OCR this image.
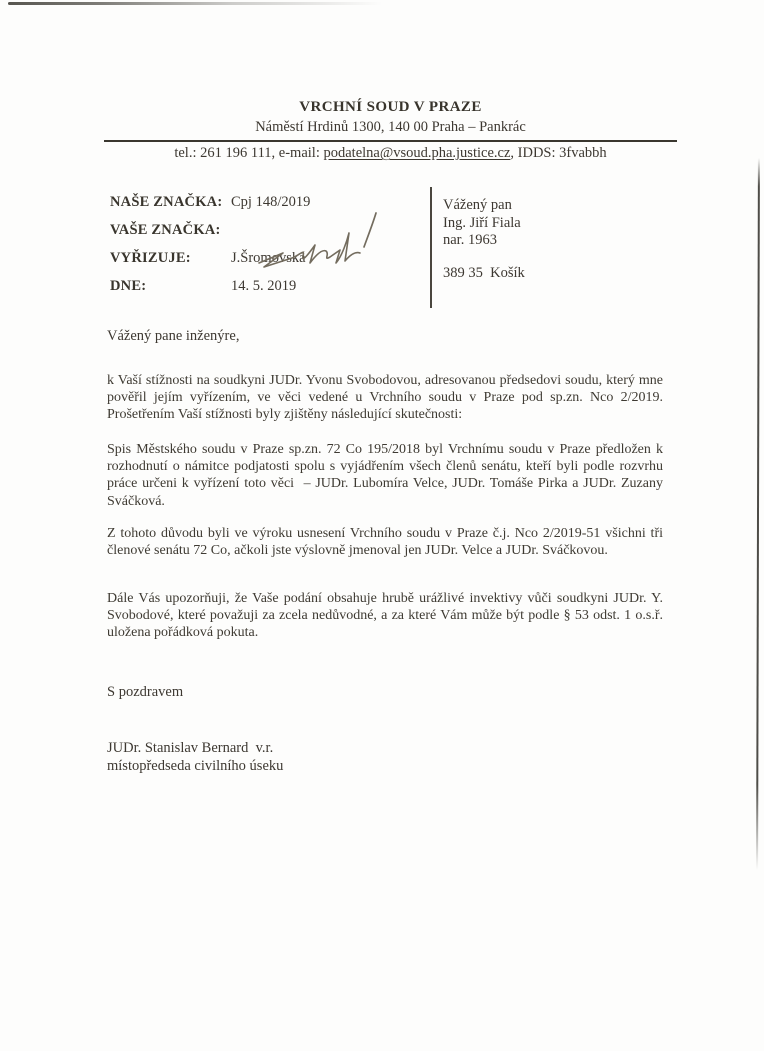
VRCHNÍ SOUD V PRAZE
Náměstí Hrdinů 1300, 140 00 Praha – Pankrác
tel.: 261 196 111, e-mail: podatelna@vsoud.pha.justice.cz, IDDS: 3fvabbh
NAŠE ZNAČKA: Cpj 148/2019
VAŠE ZNAČKA:
VYŘIZUJE:	J.Šromovská
DNE:	14. 5. 2019
Vážený pan
Ing. Jiří Fiala
nar. 1963
389 35  Košík
Vážený pane inženýre,

k Vaší stížnosti na soudkyni JUDr. Yvonu Svobodovou, adresovanou předsedovi soudu, který mne pověřil jejím vyřízením, ve věci vedené u Vrchního soudu v Praze pod sp.zn. Nco 2/2019. Prošetřením Vaší stížnosti byly zjištěny následující skutečnosti:

Spis Městského soudu v Praze sp.zn. 72 Co 195/2018 byl Vrchnímu soudu v Praze předložen k rozhodnutí o námitce podjatosti spolu s vyjádřením všech členů senátu, kteří byli podle rozvrhu práce určeni k vyřízení toto věci  – JUDr. Lubomíra Velce, JUDr. Tomáše Pirka a JUDr. Zuzany Sváčková.

Z tohoto důvodu byli ve výroku usnesení Vrchního soudu v Praze č.j. Nco 2/2019-51 všichni tři členové senátu 72 Co, ačkoli jste výslovně jmenoval jen JUDr. Velce a JUDr. Sváčkovou.

Dále Vás upozorňuji, že Vaše podání obsahuje hrubě urážlivé invektivy vůči soudkyni JUDr. Y. Svobodové, které považuji za zcela nedůvodné, a za které Vám může být podle § 53 odst. 1 o.s.ř. uložena pořádková pokuta.

S pozdravem
JUDr. Stanislav Bernard  v.r.
místopředseda civilního úseku
